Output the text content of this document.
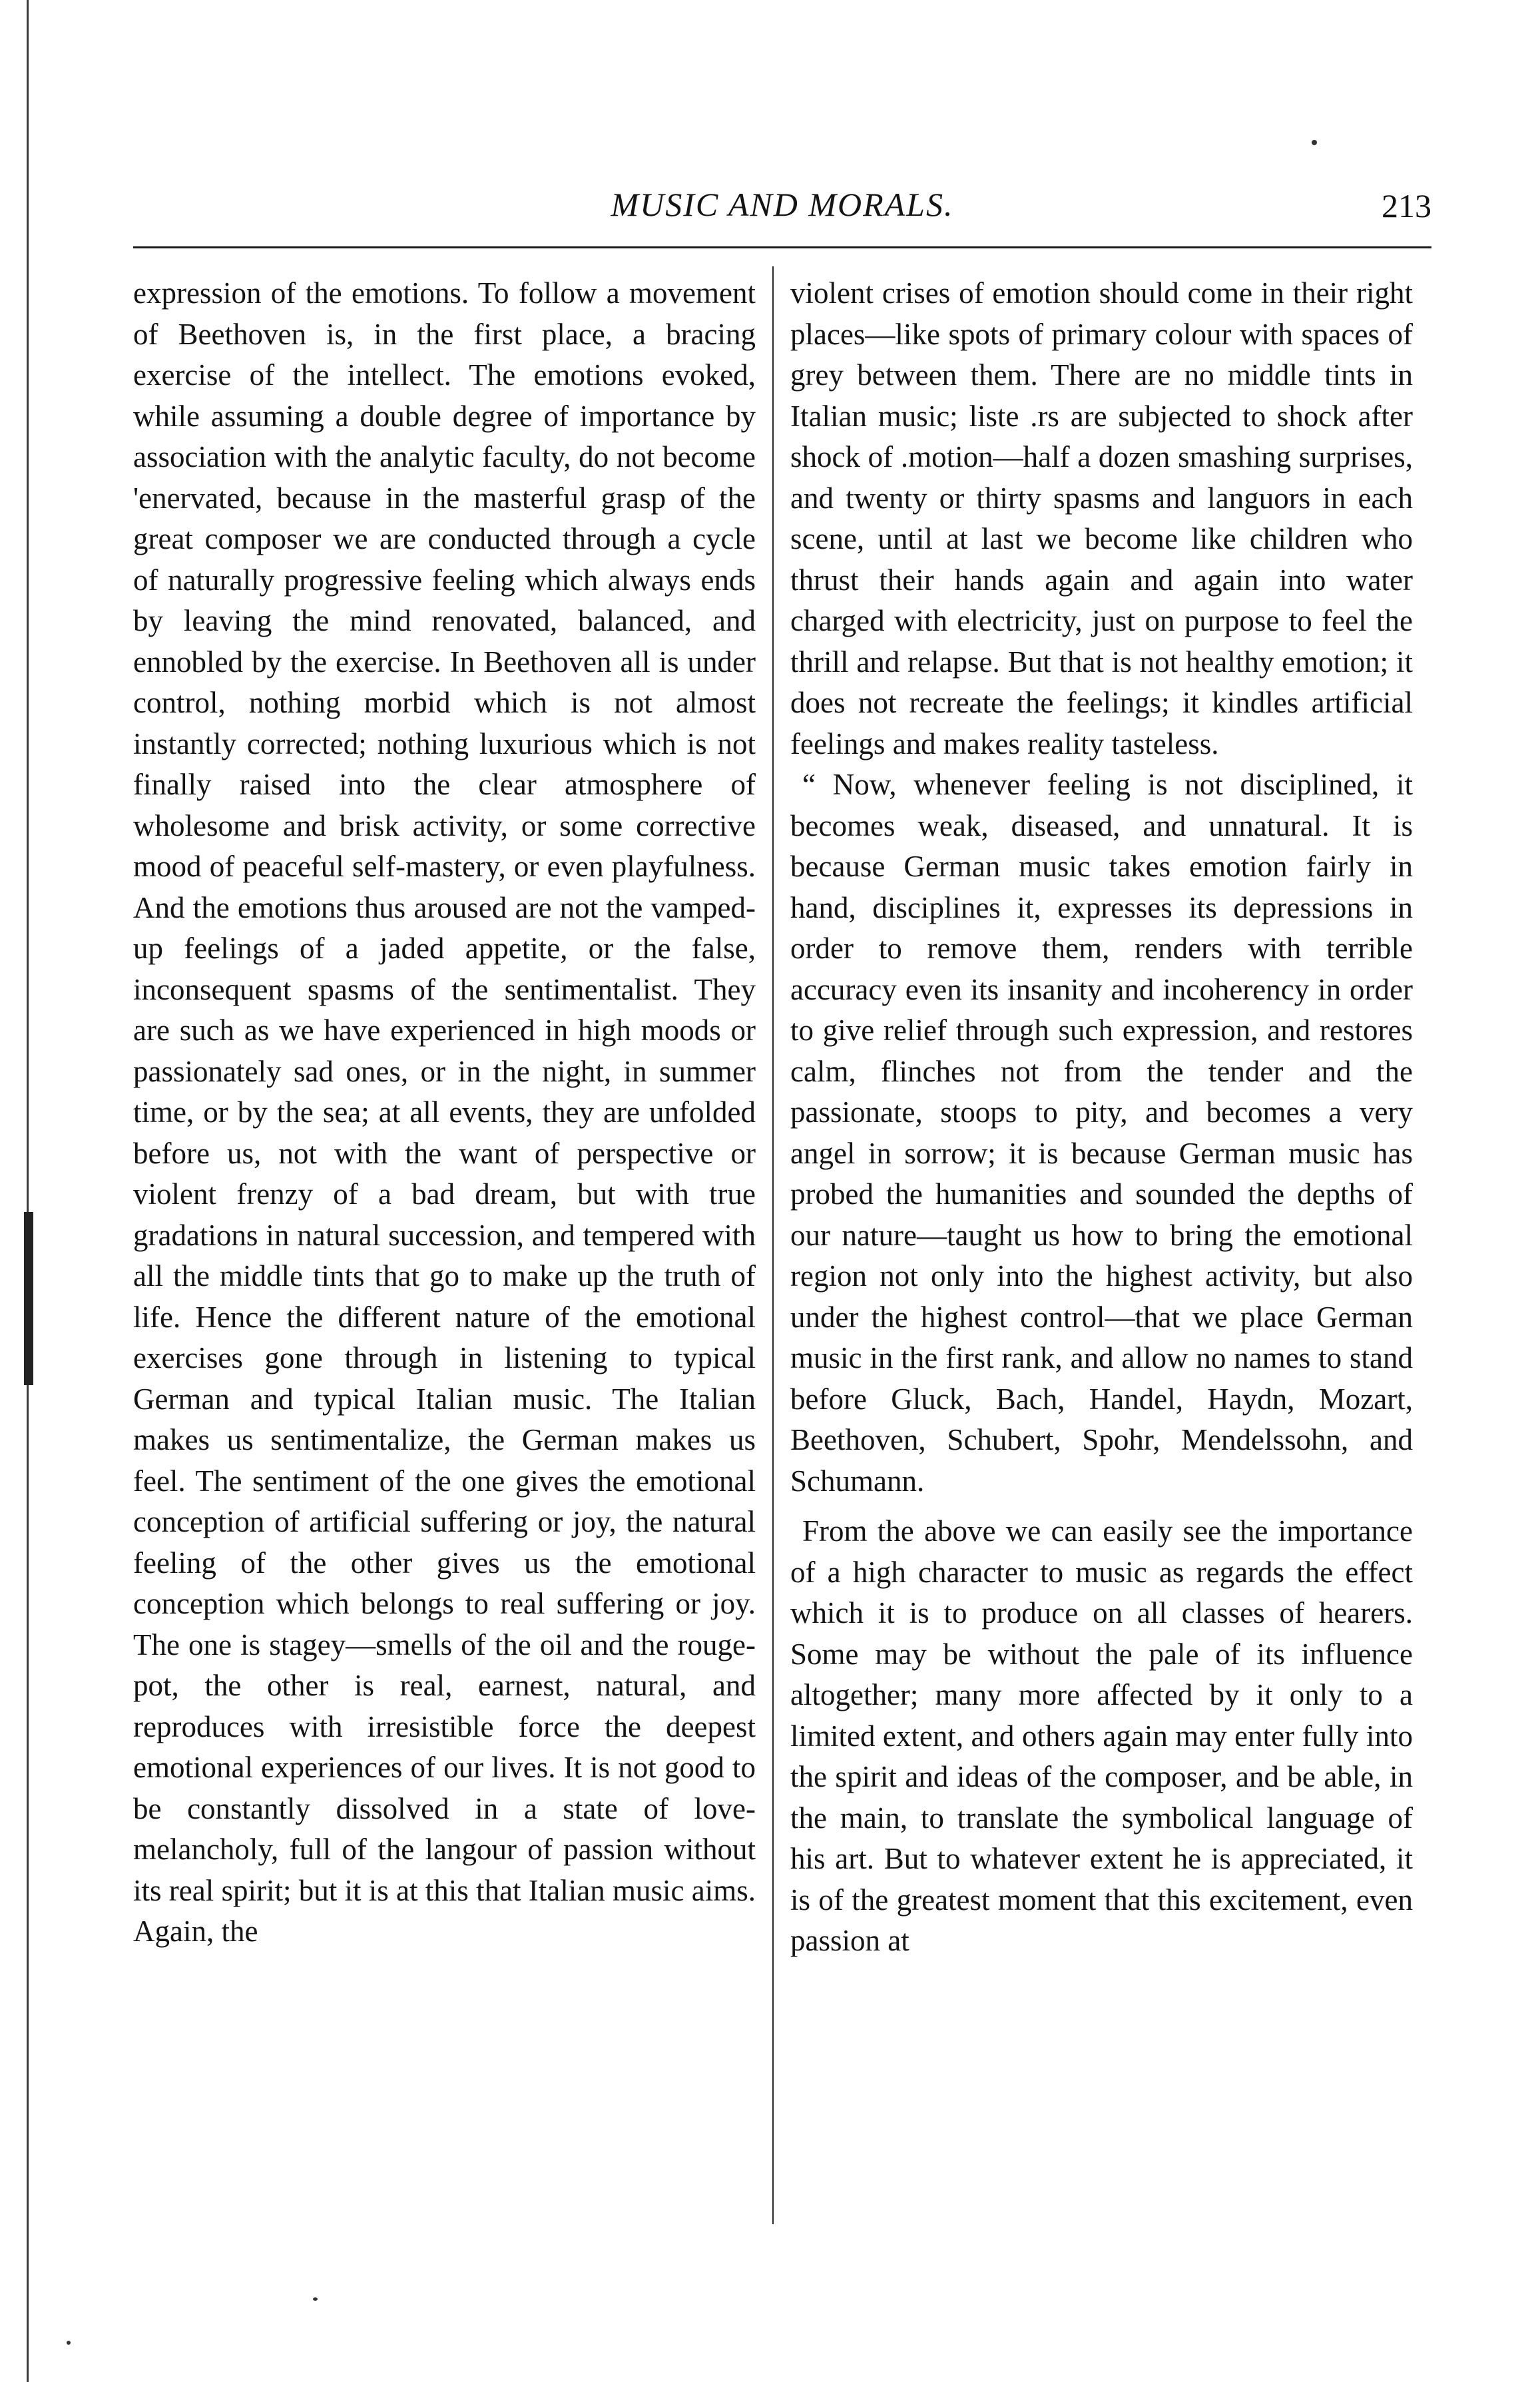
MUSIC AND MORALS.	213

expression of the emotions. To follow a movement of Beethoven is, in the first place, a bracing exercise of the intellect. The emotions evoked, while assuming a double degree of importance by association with the analytic faculty, do not become 'enervated, because in the masterful grasp of the great composer we are conducted through a cycle of naturally progressive feeling which always ends by leaving the mind renovated, balanced, and ennobled by the exercise. In Beethoven all is under control, nothing morbid which is not almost instantly corrected; nothing luxurious which is not finally raised into the clear atmosphere of wholesome and brisk activity, or some corrective mood of peaceful self-mastery, or even playfulness. And the emotions thus aroused are not the vamped-up feelings of a jaded appetite, or the false, inconsequent spasms of the sentimentalist. They are such as we have experienced in high moods or passionately sad ones, or in the night, in summer time, or by the sea; at all events, they are unfolded before us, not with the want of perspective or violent frenzy of a bad dream, but with true gradations in natural succession, and tempered with all the middle tints that go to make up the truth of life. Hence the different nature of the emotional exercises gone through in listening to typical German and typical Italian music. The Italian makes us sentimentalize, the German makes us feel. The sentiment of the one gives the emotional conception of artificial suffering or joy, the natural feeling of the other gives us the emotional conception which belongs to real suffering or joy. The one is stagey—smells of the oil and the rouge-pot, the other is real, earnest, natural, and reproduces with irresistible force the deepest emotional experiences of our lives. It is not good to be constantly dissolved in a state of love-melancholy, full of the langour of passion without its real spirit; but it is at this that Italian music aims. Again, the

violent crises of emotion should come in their right places—like spots of primary colour with spaces of grey between them. There are no middle tints in Italian music; liste .rs are subjected to shock after shock of .motion—half a dozen smashing surprises, and twenty or thirty spasms and languors in each scene, until at last we become like children who thrust their hands again and again into water charged with electricity, just on purpose to feel the thrill and relapse. But that is not healthy emotion; it does not recreate the feelings; it kindles artificial feelings and makes reality tasteless.

“ Now, whenever feeling is not disciplined, it becomes weak, diseased, and unnatural. It is because German music takes emotion fairly in hand, disciplines it, expresses its depressions in order to remove them, renders with terrible accuracy even its insanity and incoherency in order to give relief through such expression, and restores calm, flinches not from the tender and the passionate, stoops to pity, and becomes a very angel in sorrow; it is because German music has probed the humanities and sounded the depths of our nature—taught us how to bring the emotional region not only into the highest activity, but also under the highest control—that we place German music in the first rank, and allow no names to stand before Gluck, Bach, Handel, Haydn, Mozart, Beethoven, Schubert, Spohr, Mendelssohn, and Schumann.

From the above we can easily see the importance of a high character to music as regards the effect which it is to produce on all classes of hearers. Some may be without the pale of its influence altogether; many more affected by it only to a limited extent, and others again may enter fully into the spirit and ideas of the composer, and be able, in the main, to translate the symbolical language of his art. But to whatever extent he is appreciated, it is of the greatest moment that this excitement, even passion at
